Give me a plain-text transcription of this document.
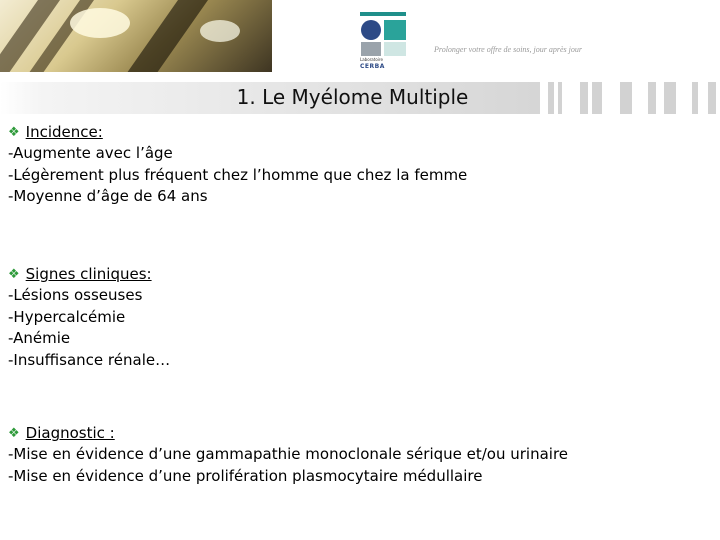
Laboratoire
CERBA
Prolonger votre offre de soins, jour après jour
1. Le Myélome Multiple
❖ Incidence:
-Augmente avec l’âge
-Légèrement plus fréquent chez l’homme que chez la femme
-Moyenne d’âge de 64 ans
❖ Signes cliniques:
-Lésions osseuses
-Hypercalcémie
-Anémie
-Insuffisance rénale…
❖ Diagnostic :
-Mise en évidence d’une gammapathie monoclonale sérique et/ou urinaire
-Mise en évidence d’une prolifération plasmocytaire médullaire
